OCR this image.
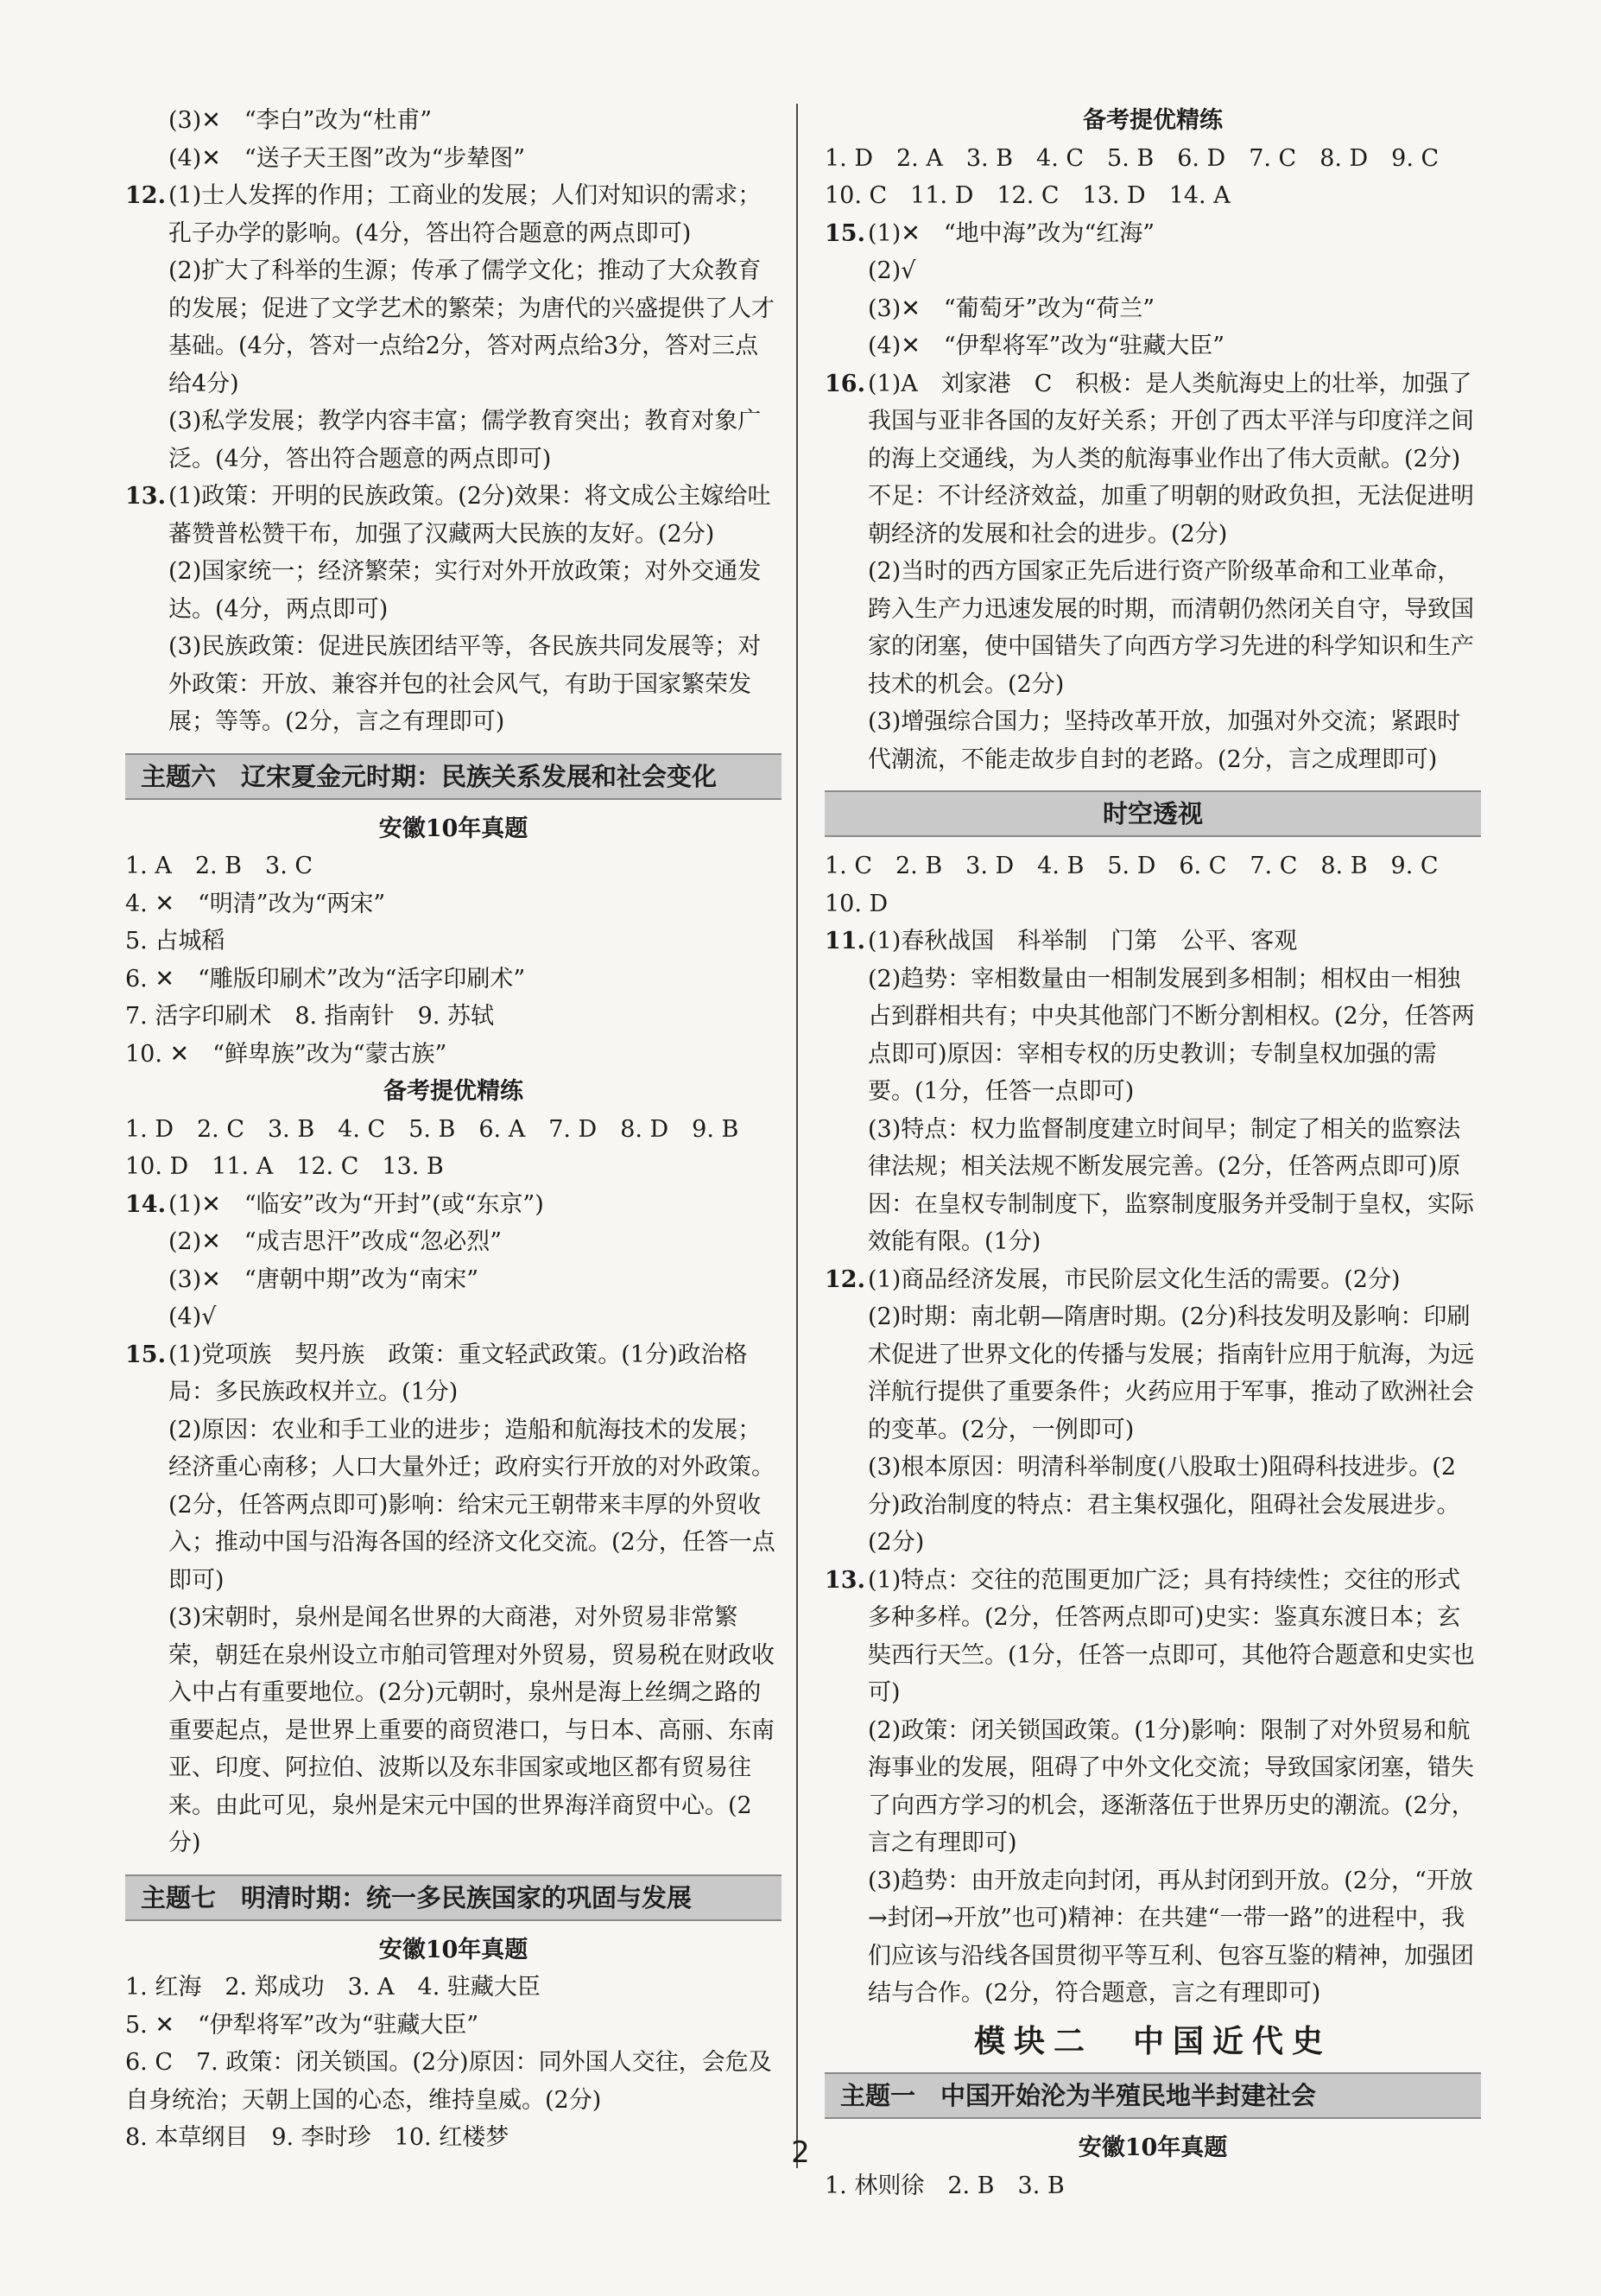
(3)✕　“李白”改为“杜甫”
(4)✕　“送子天王图”改为“步辇图”
12. (1)士人发挥的作用；工商业的发展；人们对知识的需求；孔子办学的影响。(4分，答出符合题意的两点即可)
(2)扩大了科举的生源；传承了儒学文化；推动了大众教育的发展；促进了文学艺术的繁荣；为唐代的兴盛提供了人才基础。(4分，答对一点给2分，答对两点给3分，答对三点给4分)
(3)私学发展；教学内容丰富；儒学教育突出；教育对象广泛。(4分，答出符合题意的两点即可)
13. (1)政策：开明的民族政策。(2分)效果：将文成公主嫁给吐蕃赞普松赞干布，加强了汉藏两大民族的友好。(2分)
(2)国家统一；经济繁荣；实行对外开放政策；对外交通发达。(4分，两点即可)
(3)民族政策：促进民族团结平等，各民族共同发展等；对外政策：开放、兼容并包的社会风气，有助于国家繁荣发展；等等。(2分，言之有理即可)
主题六　辽宋夏金元时期：民族关系发展和社会变化
安徽10年真题
1. A　2. B　3. C
4. ✕　“明清”改为“两宋”
5. 占城稻
6. ✕　“雕版印刷术”改为“活字印刷术”
7. 活字印刷术　8. 指南针　9. 苏轼
10. ✕　“鲜卑族”改为“蒙古族”
备考提优精练
1. D　2. C　3. B　4. C　5. B　6. A　7. D　8. D　9. B
10. D　11. A　12. C　13. B
14. (1)✕　“临安”改为“开封”(或“东京”)
(2)✕　“成吉思汗”改成“忽必烈”
(3)✕　“唐朝中期”改为“南宋”
(4)√
15. (1)党项族　契丹族　政策：重文轻武政策。(1分)政治格局：多民族政权并立。(1分)
(2)原因：农业和手工业的进步；造船和航海技术的发展；经济重心南移；人口大量外迁；政府实行开放的对外政策。(2分，任答两点即可)影响：给宋元王朝带来丰厚的外贸收入；推动中国与沿海各国的经济文化交流。(2分，任答一点即可)
(3)宋朝时，泉州是闻名世界的大商港，对外贸易非常繁荣，朝廷在泉州设立市舶司管理对外贸易，贸易税在财政收入中占有重要地位。(2分)元朝时，泉州是海上丝绸之路的重要起点，是世界上重要的商贸港口，与日本、高丽、东南亚、印度、阿拉伯、波斯以及东非国家或地区都有贸易往来。由此可见，泉州是宋元中国的世界海洋商贸中心。(2分)
主题七　明清时期：统一多民族国家的巩固与发展
安徽10年真题
1. 红海　2. 郑成功　3. A　4. 驻藏大臣
5. ✕　“伊犁将军”改为“驻藏大臣”
6. C　7. 政策：闭关锁国。(2分)原因：同外国人交往，会危及自身统治；天朝上国的心态，维持皇威。(2分)
8. 本草纲目　9. 李时珍　10. 红楼梦
备考提优精练
1. D　2. A　3. B　4. C　5. B　6. D　7. C　8. D　9. C
10. C　11. D　12. C　13. D　14. A
15. (1)✕　“地中海”改为“红海”
(2)√
(3)✕　“葡萄牙”改为“荷兰”
(4)✕　“伊犁将军”改为“驻藏大臣”
16. (1)A　刘家港　C　积极：是人类航海史上的壮举，加强了我国与亚非各国的友好关系；开创了西太平洋与印度洋之间的海上交通线，为人类的航海事业作出了伟大贡献。(2分)不足：不计经济效益，加重了明朝的财政负担，无法促进明朝经济的发展和社会的进步。(2分)
(2)当时的西方国家正先后进行资产阶级革命和工业革命，跨入生产力迅速发展的时期，而清朝仍然闭关自守，导致国家的闭塞，使中国错失了向西方学习先进的科学知识和生产技术的机会。(2分)
(3)增强综合国力；坚持改革开放，加强对外交流；紧跟时代潮流，不能走故步自封的老路。(2分，言之成理即可)
时空透视
1. C　2. B　3. D　4. B　5. D　6. C　7. C　8. B　9. C
10. D
11. (1)春秋战国　科举制　门第　公平、客观
(2)趋势：宰相数量由一相制发展到多相制；相权由一相独占到群相共有；中央其他部门不断分割相权。(2分，任答两点即可)原因：宰相专权的历史教训；专制皇权加强的需要。(1分，任答一点即可)
(3)特点：权力监督制度建立时间早；制定了相关的监察法律法规；相关法规不断发展完善。(2分，任答两点即可)原因：在皇权专制制度下，监察制度服务并受制于皇权，实际效能有限。(1分)
12. (1)商品经济发展，市民阶层文化生活的需要。(2分)
(2)时期：南北朝—隋唐时期。(2分)科技发明及影响：印刷术促进了世界文化的传播与发展；指南针应用于航海，为远洋航行提供了重要条件；火药应用于军事，推动了欧洲社会的变革。(2分，一例即可)
(3)根本原因：明清科举制度(八股取士)阻碍科技进步。(2分)政治制度的特点：君主集权强化，阻碍社会发展进步。(2分)
13. (1)特点：交往的范围更加广泛；具有持续性；交往的形式多种多样。(2分，任答两点即可)史实：鉴真东渡日本；玄奘西行天竺。(1分，任答一点即可，其他符合题意和史实也可)
(2)政策：闭关锁国政策。(1分)影响：限制了对外贸易和航海事业的发展，阻碍了中外文化交流；导致国家闭塞，错失了向西方学习的机会，逐渐落伍于世界历史的潮流。(2分，言之有理即可)
(3)趋势：由开放走向封闭，再从封闭到开放。(2分，“开放→封闭→开放”也可)精神：在共建“一带一路”的进程中，我们应该与沿线各国贯彻平等互利、包容互鉴的精神，加强团结与合作。(2分，符合题意，言之有理即可)
模块二　中国近代史
主题一　中国开始沦为半殖民地半封建社会
安徽10年真题
1. 林则徐　2. B　3. B
2
